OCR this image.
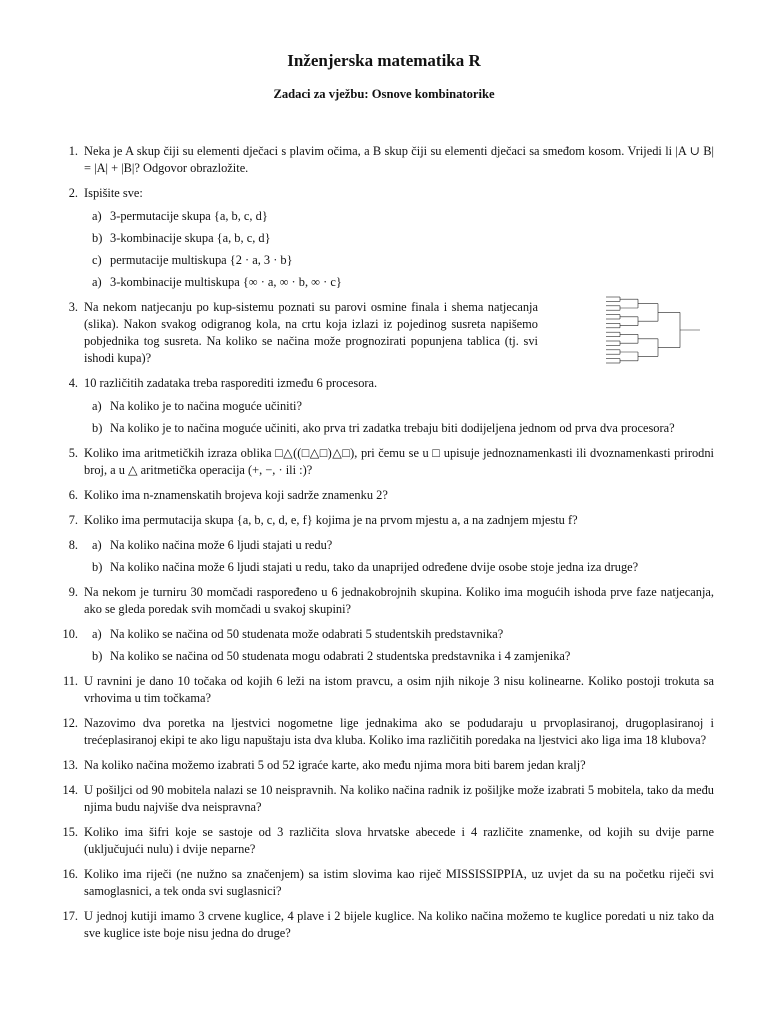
Inženjerska matematika R
Zadaci za vježbu: Osnove kombinatorike
1. Neka je A skup čiji su elementi dječaci s plavim očima, a B skup čiji su elementi dječaci sa smeđom kosom. Vrijedi li |A ∪ B| = |A| + |B|? Odgovor obrazložite.
2. Ispišite sve:
a) 3-permutacije skupa {a, b, c, d}
b) 3-kombinacije skupa {a, b, c, d}
c) permutacije multiskupa {2 · a, 3 · b}
a) 3-kombinacije multiskupa {∞ · a, ∞ · b, ∞ · c}
3. Na nekom natjecanju po kup-sistemu poznati su parovi osmine finala i shema natjecanja (slika). Nakon svakog odigranog kola, na crtu koja izlazi iz pojedinog susreta napišemo pobjednika tog susreta. Na koliko se načina može prognozirati popunjena tablica (tj. svi ishodi kupa)?
4. 10 različitih zadataka treba rasporediti između 6 procesora.
a) Na koliko je to načina moguće učiniti?
b) Na koliko je to načina moguće učiniti, ako prva tri zadatka trebaju biti dodijeljena jednom od prva dva procesora?
5. Koliko ima aritmetičkih izraza oblika □△((□△□)△□), pri čemu se u □ upisuje jednoznamenkasti ili dvoznamenkasti prirodni broj, a u △ aritmetička operacija (+, −, · ili :)?
6. Koliko ima n-znamenskatih brojeva koji sadrže znamenku 2?
7. Koliko ima permutacija skupa {a, b, c, d, e, f} kojima je na prvom mjestu a, a na zadnjem mjestu f?
8. a) Na koliko načina može 6 ljudi stajati u redu?
b) Na koliko načina može 6 ljudi stajati u redu, tako da unaprijed određene dvije osobe stoje jedna iza druge?
9. Na nekom je turniru 30 momčadi raspoređeno u 6 jednakobrojnih skupina. Koliko ima mogućih ishoda prve faze natjecanja, ako se gleda poredak svih momčadi u svakoj skupini?
10. a) Na koliko se načina od 50 studenata može odabrati 5 studentskih predstavnika?
b) Na koliko se načina od 50 studenata mogu odabrati 2 studentska predstavnika i 4 zamjenika?
11. U ravnini je dano 10 točaka od kojih 6 leži na istom pravcu, a osim njih nikoje 3 nisu kolinearne. Koliko postoji trokuta sa vrhovima u tim točkama?
12. Nazovimo dva poretka na ljestvici nogometne lige jednakima ako se podudaraju u prvoplasiranoj, drugoplasiranoj i trećeplasiranoj ekipi te ako ligu napuštaju ista dva kluba. Koliko ima različitih poredaka na ljestvici ako liga ima 18 klubova?
13. Na koliko načina možemo izabrati 5 od 52 igraće karte, ako među njima mora biti barem jedan kralj?
14. U pošiljci od 90 mobitela nalazi se 10 neispravnih. Na koliko načina radnik iz pošiljke može izabrati 5 mobitela, tako da među njima budu najviše dva neispravna?
15. Koliko ima šifri koje se sastoje od 3 različita slova hrvatske abecede i 4 različite znamenke, od kojih su dvije parne (uključujući nulu) i dvije neparne?
16. Koliko ima riječi (ne nužno sa značenjem) sa istim slovima kao riječ MISSISSIPPIA, uz uvjet da su na početku riječi svi samoglasnici, a tek onda svi suglasnici?
17. U jednoj kutiji imamo 3 crvene kuglice, 4 plave i 2 bijele kuglice. Na koliko načina možemo te kuglice poredati u niz tako da sve kuglice iste boje nisu jedna do druge?
